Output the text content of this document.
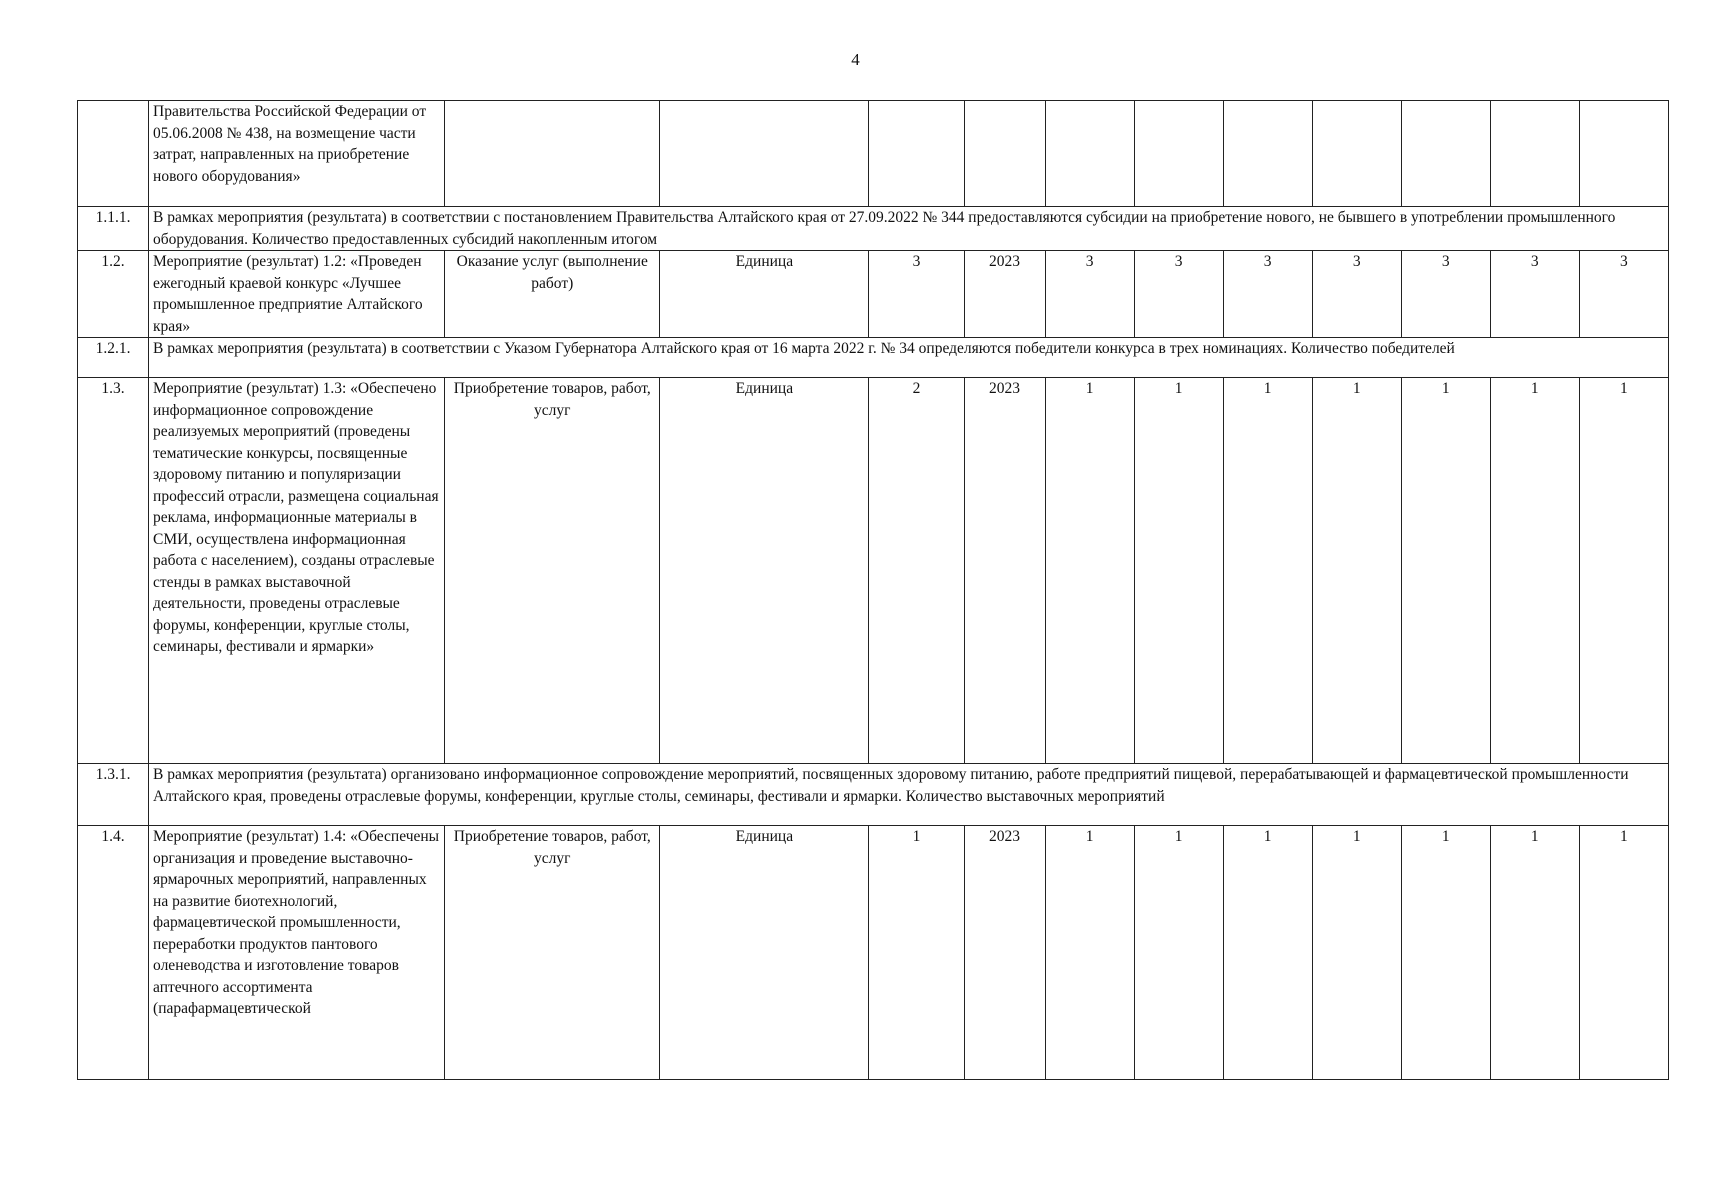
4
	Правительства Российской Федерации от 05.06.2008 № 438, на возмещение части затрат, направленных на приобретение нового оборудования»											
1.1.1.	В рамках мероприятия (результата) в соответствии с постановлением Правительства Алтайского края от 27.09.2022 № 344 предоставляются субсидии на приобретение нового, не бывшего в употреблении промышленного оборудования. Количество предоставленных субсидий накопленным итогом											
1.2.	Мероприятие (результат) 1.2: «Проведен ежегодный краевой конкурс «Лучшее промышленное предприятие Алтайского края»	Оказание услуг (выполнение работ)	Единица	3	2023	3	3	3	3	3	3	3
1.2.1.	В рамках мероприятия (результата) в соответствии с Указом Губернатора Алтайского края от 16 марта 2022 г. № 34 определяются победители конкурса в трех номинациях. Количество победителей											
1.3.	Мероприятие (результат) 1.3: «Обеспечено информационное сопровождение реализуемых мероприятий (проведены тематические конкурсы, посвященные здоровому питанию и популяризации профессий отрасли, размещена социальная реклама, информационные материалы в СМИ, осуществлена информационная работа с населением), созданы отраслевые стенды в рамках выставочной деятельности, проведены отраслевые форумы, конференции, круглые столы, семинары, фестивали и ярмарки»	Приобретение товаров, работ, услуг	Единица	2	2023	1	1	1	1	1	1	1
1.3.1.	В рамках мероприятия (результата) организовано информационное сопровождение мероприятий, посвященных здоровому питанию, работе предприятий пищевой, перерабатывающей и фармацевтической промышленности Алтайского края, проведены отраслевые форумы, конференции, круглые столы, семинары, фестивали и ярмарки. Количество выставочных мероприятий											
1.4.	Мероприятие (результат) 1.4: «Обеспечены организация и проведение выставочно-ярмарочных мероприятий, направленных на развитие биотехнологий, фармацевтической промышленности, переработки продуктов пантового оленеводства и изготовление товаров аптечного ассортимента (парафармацевтической	Приобретение товаров, работ, услуг	Единица	1	2023	1	1	1	1	1	1	1
